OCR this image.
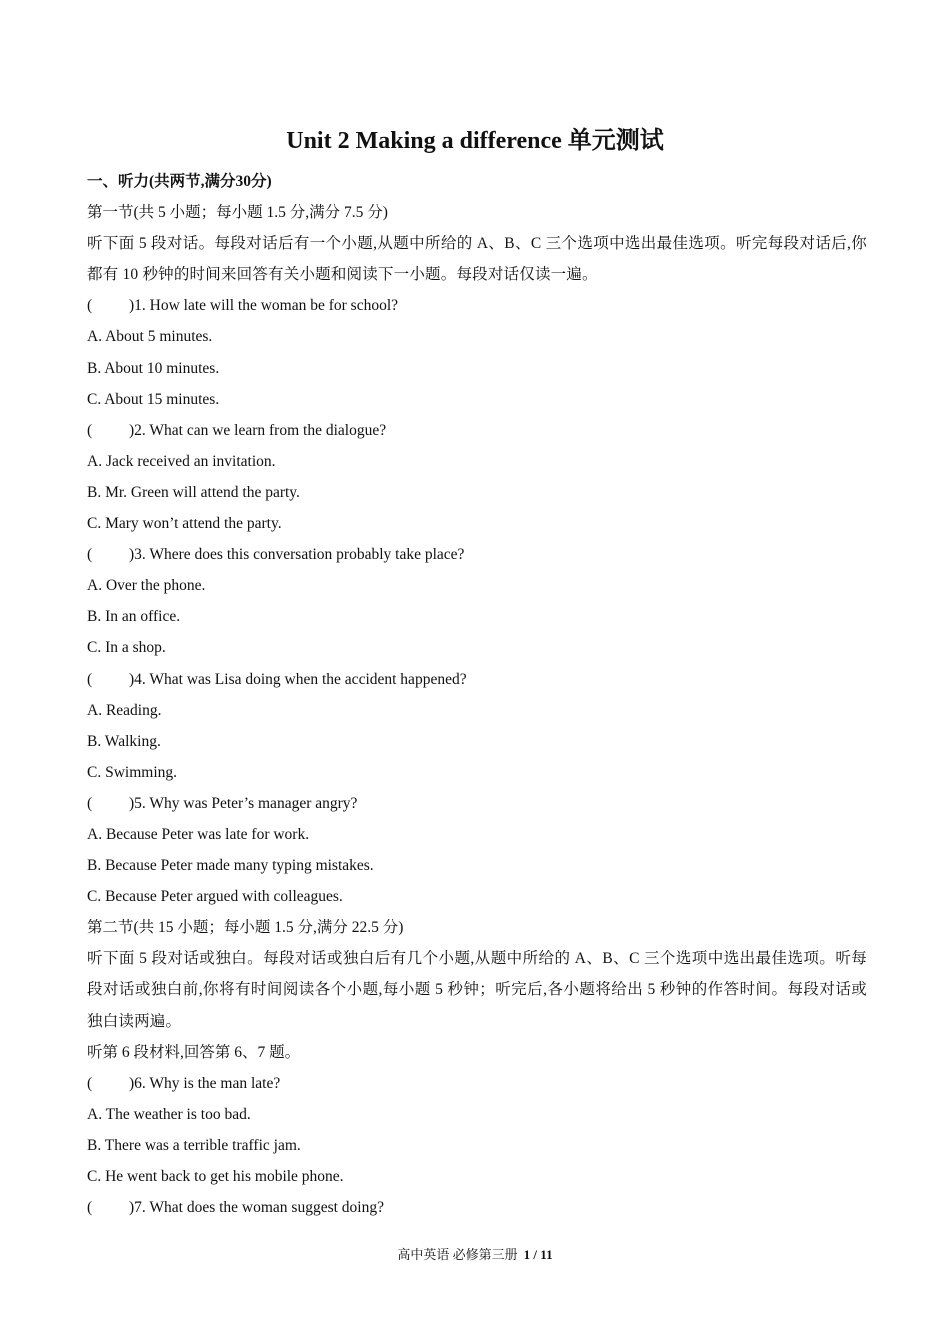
Unit 2 Making a difference 单元测试
一、听力(共两节,满分30分)
第一节(共 5 小题；每小题 1.5 分,满分 7.5 分)
听下面 5 段对话。每段对话后有一个小题,从题中所给的 A、B、C 三个选项中选出最佳选项。听完每段对话后,你都有 10 秒钟的时间来回答有关小题和阅读下一小题。每段对话仅读一遍。
( )1. How late will the woman be for school?
A. About 5 minutes.
B. About 10 minutes.
C. About 15 minutes.
( )2. What can we learn from the dialogue?
A. Jack received an invitation.
B. Mr. Green will attend the party.
C. Mary won’t attend the party.
( )3. Where does this conversation probably take place?
A. Over the phone.
B. In an office.
C. In a shop.
( )4. What was Lisa doing when the accident happened?
A. Reading.
B. Walking.
C. Swimming.
( )5. Why was Peter’s manager angry?
A. Because Peter was late for work.
B. Because Peter made many typing mistakes.
C. Because Peter argued with colleagues.
第二节(共 15 小题；每小题 1.5 分,满分 22.5 分)
听下面 5 段对话或独白。每段对话或独白后有几个小题,从题中所给的 A、B、C 三个选项中选出最佳选项。听每段对话或独白前,你将有时间阅读各个小题,每小题 5 秒钟；听完后,各小题将给出 5 秒钟的作答时间。每段对话或独白读两遍。
听第 6 段材料,回答第 6、7 题。
( )6. Why is the man late?
A. The weather is too bad.
B. There was a terrible traffic jam.
C. He went back to get his mobile phone.
( )7. What does the woman suggest doing?
高中英语 必修第三册 1 / 11
